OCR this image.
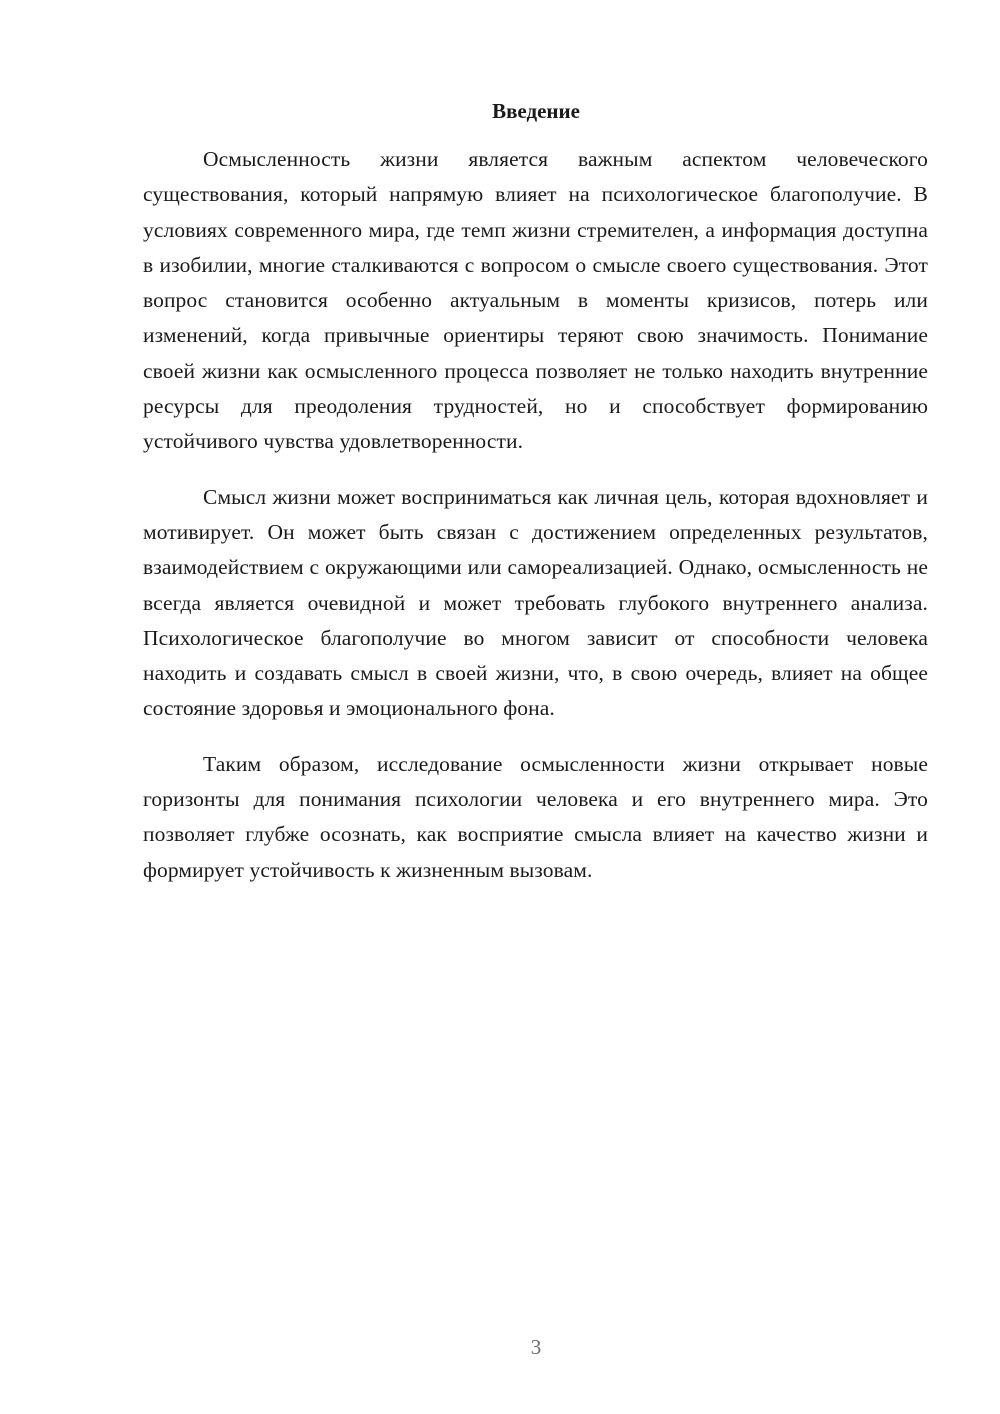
Введение

Осмысленность жизни является важным аспектом человеческого существования, который напрямую влияет на психологическое благополучие. В условиях современного мира, где темп жизни стремителен, а информация доступна в изобилии, многие сталкиваются с вопросом о смысле своего существования. Этот вопрос становится особенно актуальным в моменты кризисов, потерь или изменений, когда привычные ориентиры теряют свою значимость. Понимание своей жизни как осмысленного процесса позволяет не только находить внутренние ресурсы для преодоления трудностей, но и способствует формированию устойчивого чувства удовлетворенности.

Смысл жизни может восприниматься как личная цель, которая вдохновляет и мотивирует. Он может быть связан с достижением определенных результатов, взаимодействием с окружающими или самореализацией. Однако, осмысленность не всегда является очевидной и может требовать глубокого внутреннего анализа. Психологическое благополучие во многом зависит от способности человека находить и создавать смысл в своей жизни, что, в свою очередь, влияет на общее состояние здоровья и эмоционального фона.

Таким образом, исследование осмысленности жизни открывает новые горизонты для понимания психологии человека и его внутреннего мира. Это позволяет глубже осознать, как восприятие смысла влияет на качество жизни и формирует устойчивость к жизненным вызовам.

3
